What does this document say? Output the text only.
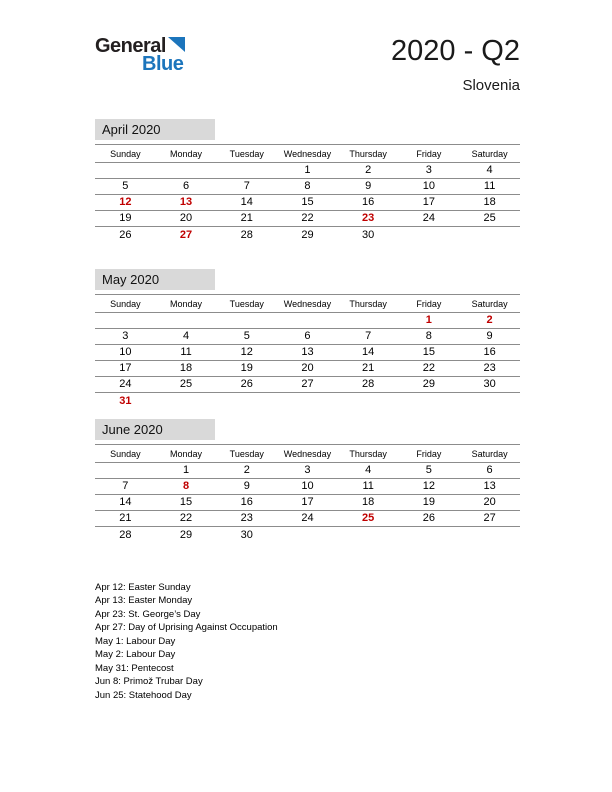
General
Blue	2020 - Q2
Slovenia
April 2020
Sunday	Monday	Tuesday	Wednesday	Thursday	Friday	Saturday
			1	2	3	4
5	6	7	8	9	10	11
12	13	14	15	16	17	18
19	20	21	22	23	24	25
26	27	28	29	30		
May 2020
Sunday	Monday	Tuesday	Wednesday	Thursday	Friday	Saturday
					1	2
3	4	5	6	7	8	9
10	11	12	13	14	15	16
17	18	19	20	21	22	23
24	25	26	27	28	29	30
31						
June 2020
Sunday	Monday	Tuesday	Wednesday	Thursday	Friday	Saturday
	1	2	3	4	5	6
7	8	9	10	11	12	13
14	15	16	17	18	19	20
21	22	23	24	25	26	27
28	29	30				
Apr 12: Easter Sunday
Apr 13: Easter Monday
Apr 23: St. George’s Day
Apr 27: Day of Uprising Against Occupation
May 1: Labour Day
May 2: Labour Day
May 31: Pentecost
Jun 8: Primož Trubar Day
Jun 25: Statehood Day
